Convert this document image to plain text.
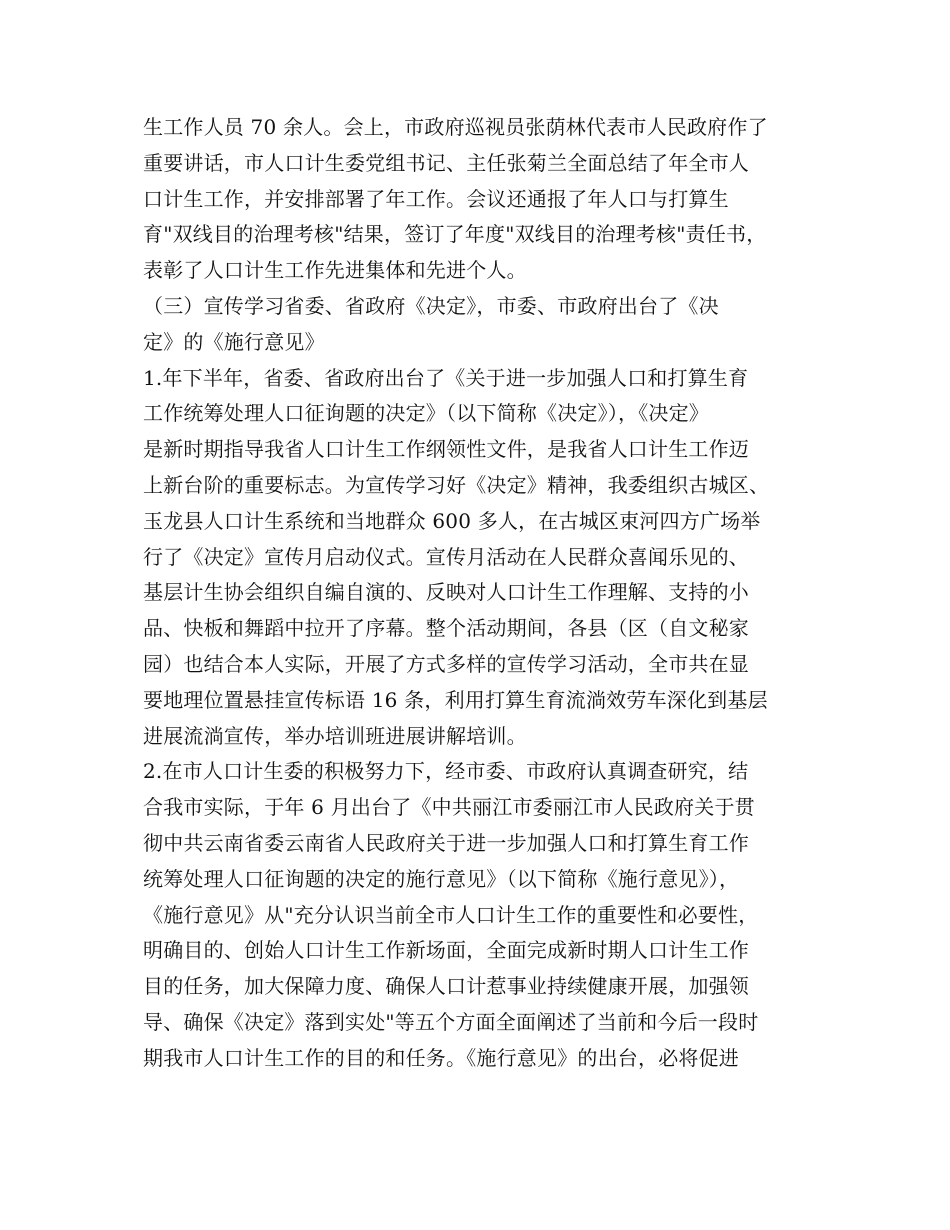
生工作人员 70 余人。会上，市政府巡视员张荫林代表市人民政府作了
重要讲话，市人口计生委党组书记、主任张菊兰全面总结了年全市人
口计生工作，并安排部署了年工作。会议还通报了年人口与打算生
育"双线目的治理考核"结果，签订了年度"双线目的治理考核"责任书，
表彰了人口计生工作先进集体和先进个人。
（三）宣传学习省委、省政府《决定》，市委、市政府出台了《决
定》的《施行意见》
1.年下半年，省委、省政府出台了《关于进一步加强人口和打算生育
工作统筹处理人口征询题的决定》（以下简称《决定》），《决定》
是新时期指导我省人口计生工作纲领性文件，是我省人口计生工作迈
上新台阶的重要标志。为宣传学习好《决定》精神，我委组织古城区、
玉龙县人口计生系统和当地群众 600 多人，在古城区束河四方广场举
行了《决定》宣传月启动仪式。宣传月活动在人民群众喜闻乐见的、
基层计生协会组织自编自演的、反映对人口计生工作理解、支持的小
品、快板和舞蹈中拉开了序幕。整个活动期间，各县（区（自文秘家
园）也结合本人实际，开展了方式多样的宣传学习活动，全市共在显
要地理位置悬挂宣传标语 16 条，利用打算生育流淌效劳车深化到基层
进展流淌宣传，举办培训班进展讲解培训。
2.在市人口计生委的积极努力下，经市委、市政府认真调查研究，结
合我市实际，于年 6 月出台了《中共丽江市委丽江市人民政府关于贯
彻中共云南省委云南省人民政府关于进一步加强人口和打算生育工作
统筹处理人口征询题的决定的施行意见》（以下简称《施行意见》），
《施行意见》从"充分认识当前全市人口计生工作的重要性和必要性，
明确目的、创始人口计生工作新场面，全面完成新时期人口计生工作
目的任务，加大保障力度、确保人口计惹事业持续健康开展，加强领
导、确保《决定》落到实处"等五个方面全面阐述了当前和今后一段时
期我市人口计生工作的目的和任务。《施行意见》的出台，必将促进
